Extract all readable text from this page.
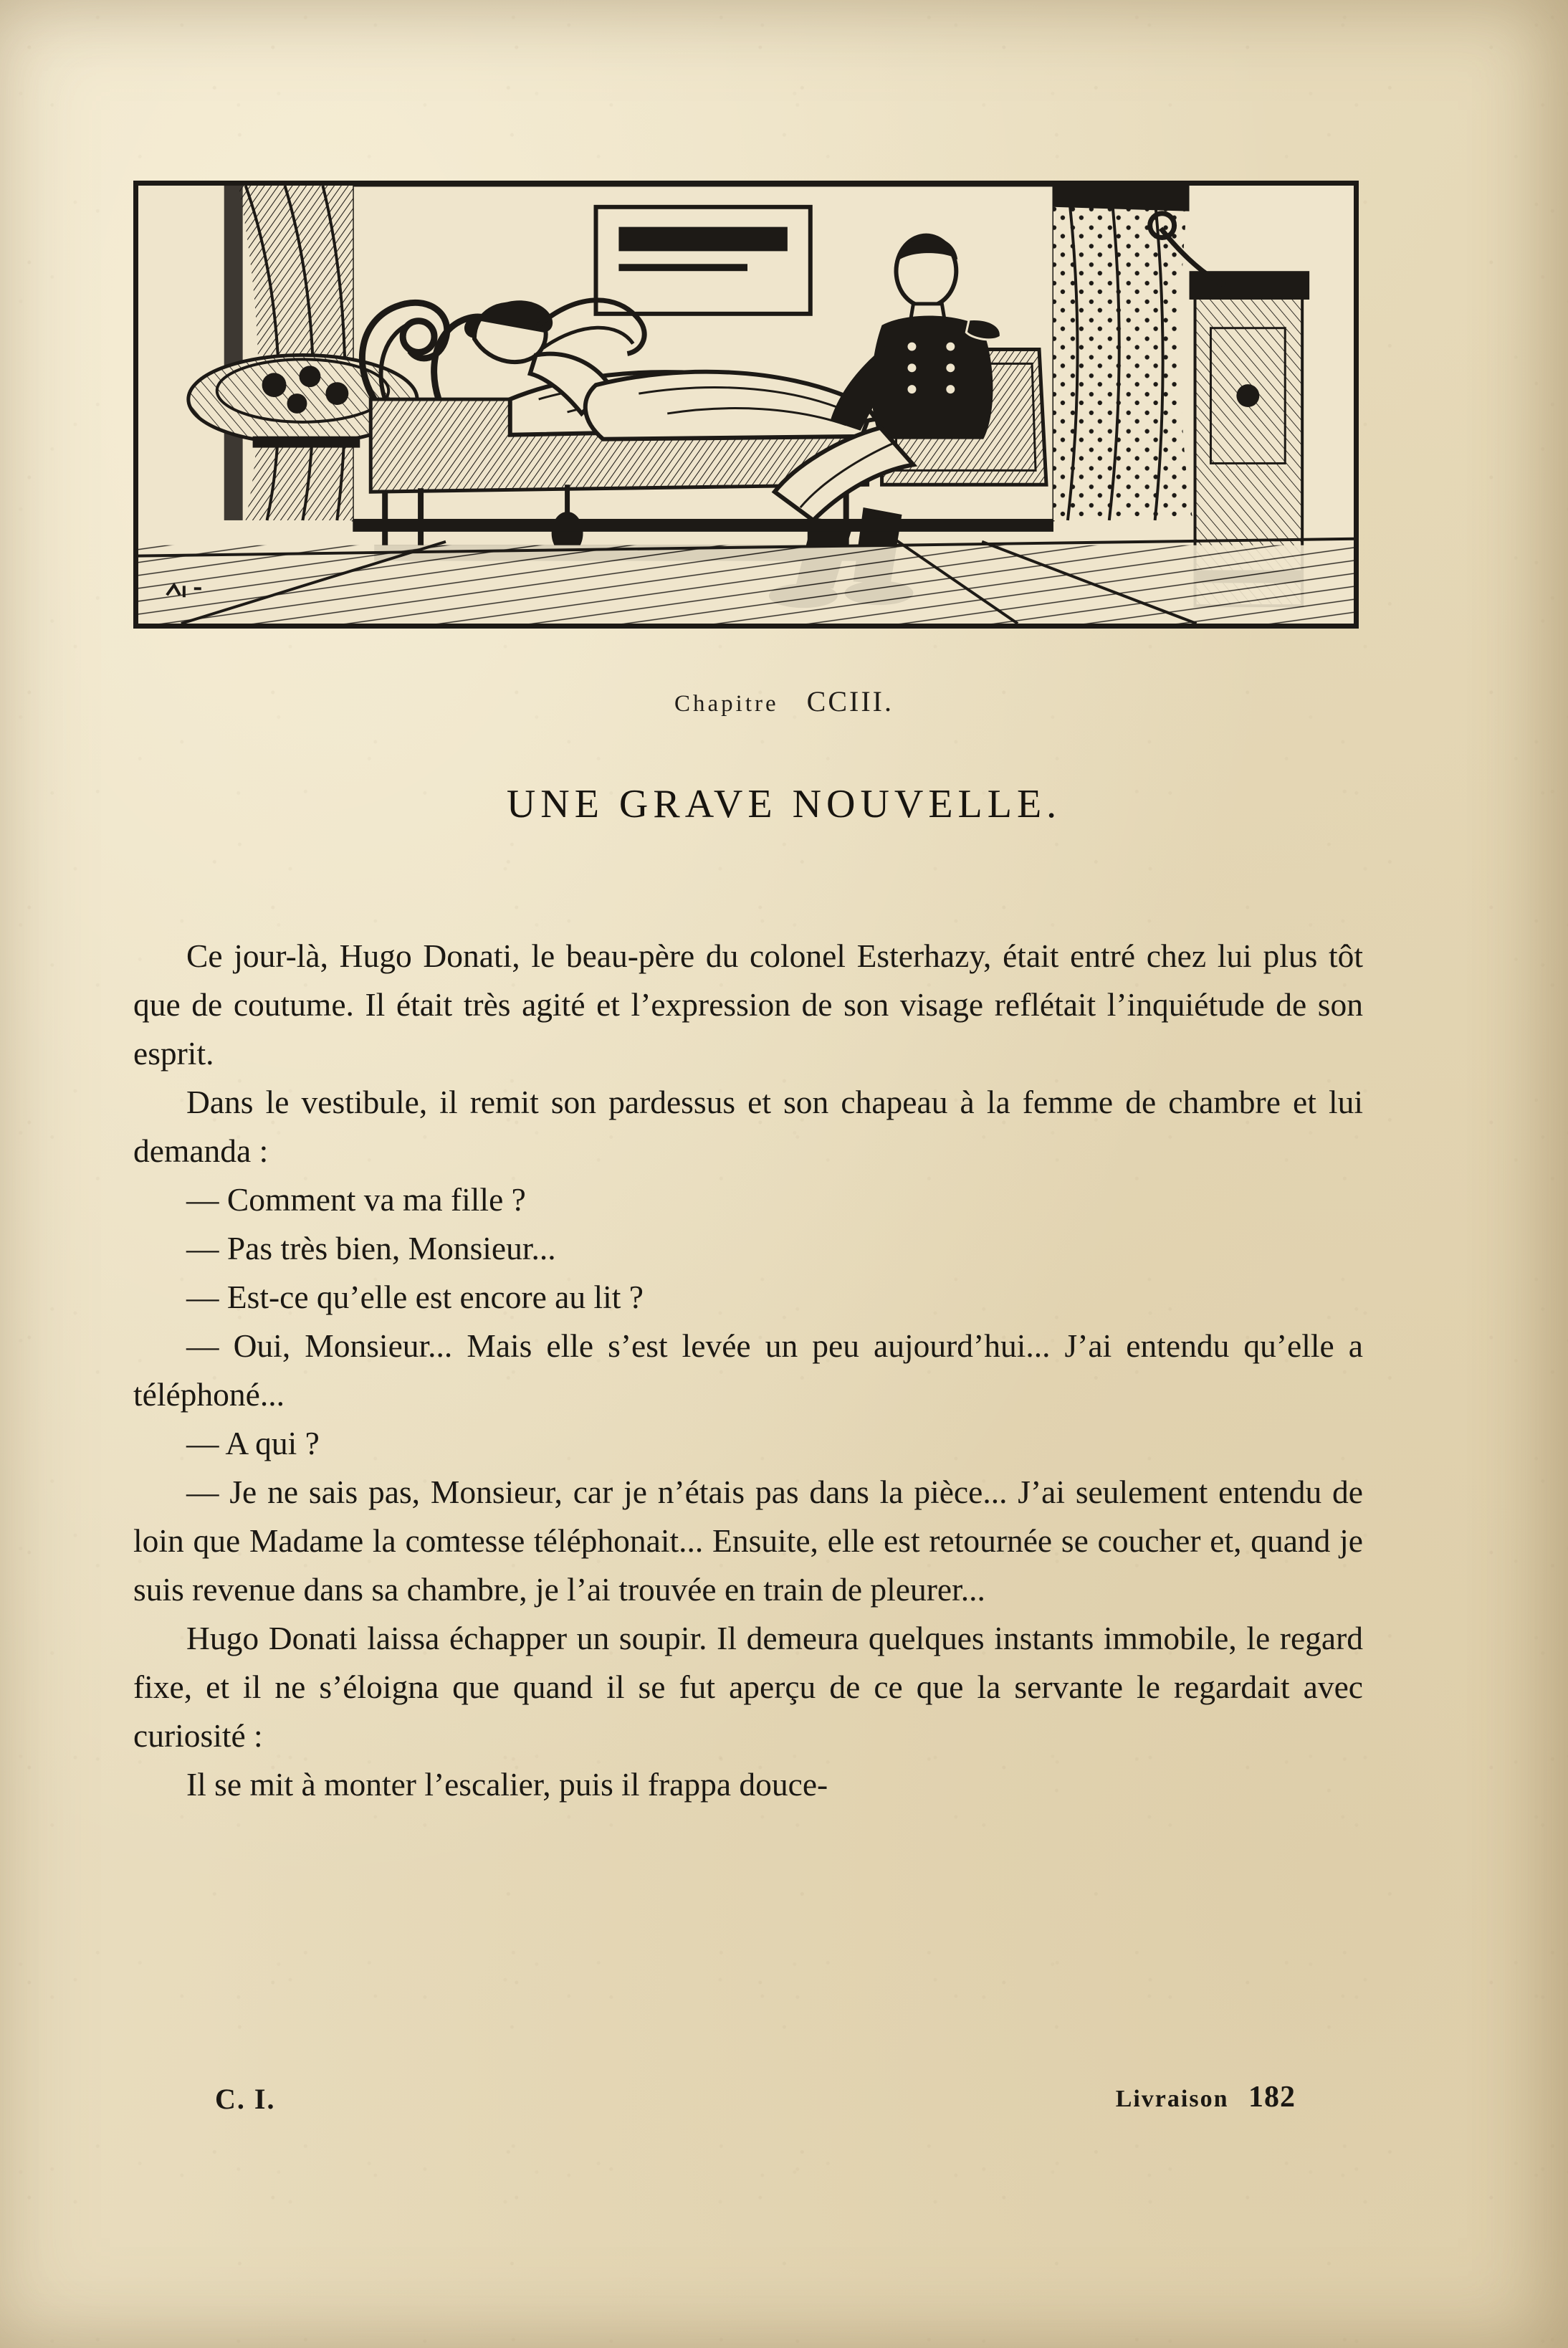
Chapitre CCIII.
UNE GRAVE NOUVELLE.

Ce jour-là, Hugo Donati, le beau-père du colonel Esterhazy, était entré chez lui plus tôt que de coutume. Il était très agité et l’expression de son visage reflétait l’inquiétude de son esprit.

Dans le vestibule, il remit son pardessus et son chapeau à la femme de chambre et lui demanda :

— Comment va ma fille ?

— Pas très bien, Monsieur...

— Est-ce qu’elle est encore au lit ?

— Oui, Monsieur... Mais elle s’est levée un peu aujourd’hui... J’ai entendu qu’elle a téléphoné...

— A qui ?

— Je ne sais pas, Monsieur, car je n’étais pas dans la pièce... J’ai seulement entendu de loin que Madame la comtesse téléphonait... Ensuite, elle est retournée se coucher et, quand je suis revenue dans sa chambre, je l’ai trouvée en train de pleurer...

Hugo Donati laissa échapper un soupir. Il demeura quelques instants immobile, le regard fixe, et il ne s’éloigna que quand il se fut aperçu de ce que la servante le regardait avec curiosité :

Il se mit à monter l’escalier, puis il frappa douce-

C. I.	Livraison 182
